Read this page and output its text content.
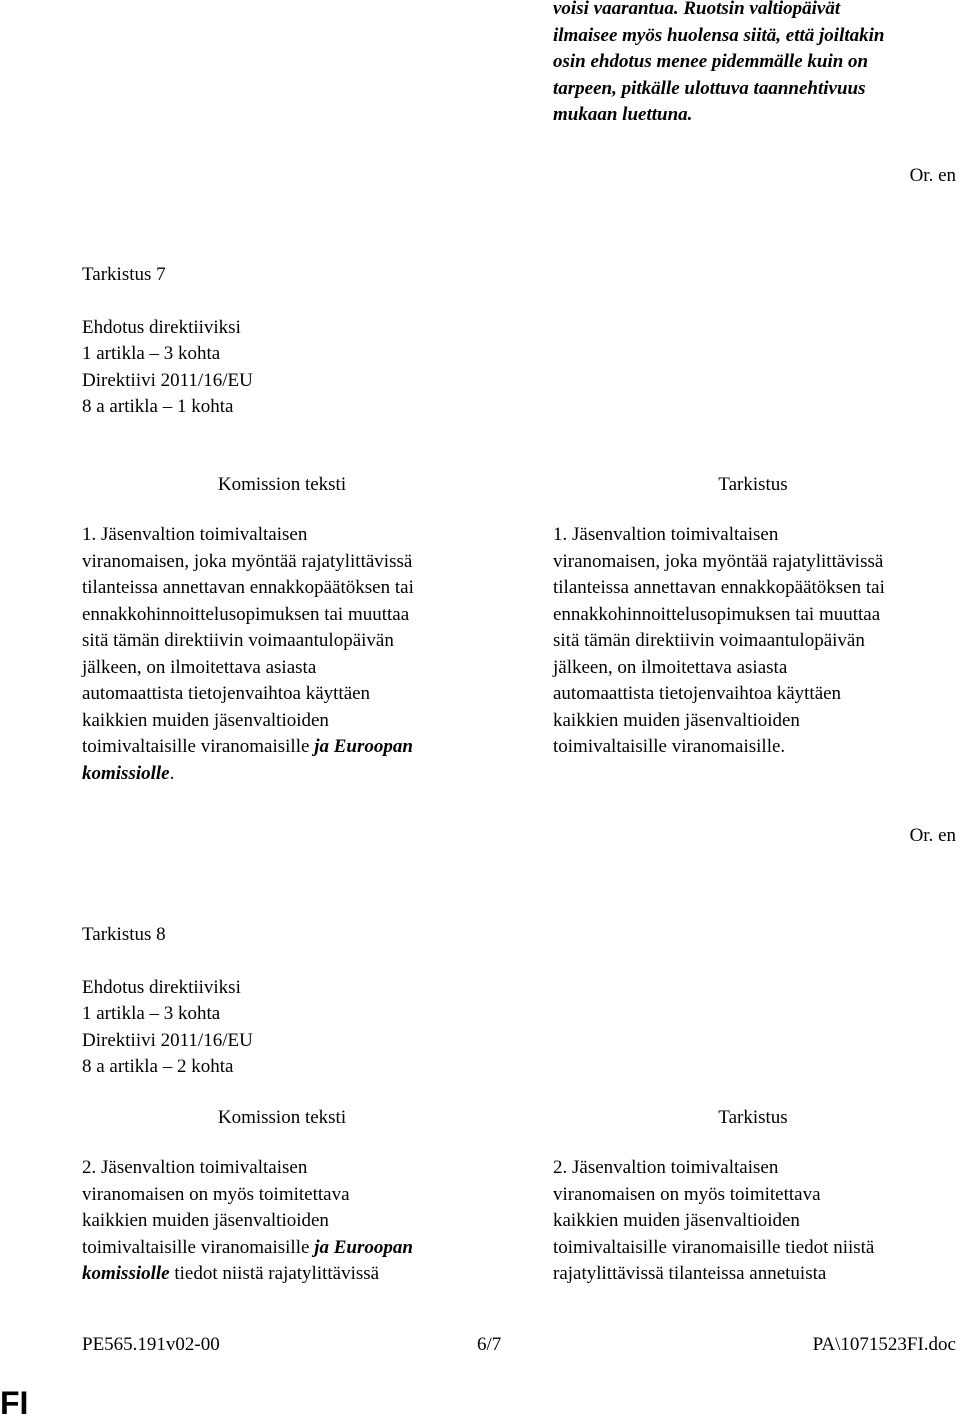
voisi vaarantua. Ruotsin valtiopäivät
ilmaisee myös huolensa siitä, että joiltakin
osin ehdotus menee pidemmälle kuin on
tarpeen, pitkälle ulottuva taannehtivuus
mukaan luettuna.
Or. en
Tarkistus 7
Ehdotus direktiiviksi
1 artikla – 3 kohta
Direktiivi 2011/16/EU
8 a artikla – 1 kohta
Komission teksti	Tarkistus
1. Jäsenvaltion toimivaltaisen
viranomaisen, joka myöntää rajatylittävissä
tilanteissa annettavan ennakkopäätöksen tai
ennakkohinnoittelusopimuksen tai muuttaa
sitä tämän direktiivin voimaantulopäivän
jälkeen, on ilmoitettava asiasta
automaattista tietojenvaihtoa käyttäen
kaikkien muiden jäsenvaltioiden
toimivaltaisille viranomaisille ja Euroopan
komissiolle.
1. Jäsenvaltion toimivaltaisen
viranomaisen, joka myöntää rajatylittävissä
tilanteissa annettavan ennakkopäätöksen tai
ennakkohinnoittelusopimuksen tai muuttaa
sitä tämän direktiivin voimaantulopäivän
jälkeen, on ilmoitettava asiasta
automaattista tietojenvaihtoa käyttäen
kaikkien muiden jäsenvaltioiden
toimivaltaisille viranomaisille.
Or. en
Tarkistus 8
Ehdotus direktiiviksi
1 artikla – 3 kohta
Direktiivi 2011/16/EU
8 a artikla – 2 kohta
Komission teksti	Tarkistus
2. Jäsenvaltion toimivaltaisen
viranomaisen on myös toimitettava
kaikkien muiden jäsenvaltioiden
toimivaltaisille viranomaisille ja Euroopan
komissiolle tiedot niistä rajatylittävissä
2. Jäsenvaltion toimivaltaisen
viranomaisen on myös toimitettava
kaikkien muiden jäsenvaltioiden
toimivaltaisille viranomaisille tiedot niistä
rajatylittävissä tilanteissa annetuista
PE565.191v02-00	6/7	PA\1071523FI.doc
FI
